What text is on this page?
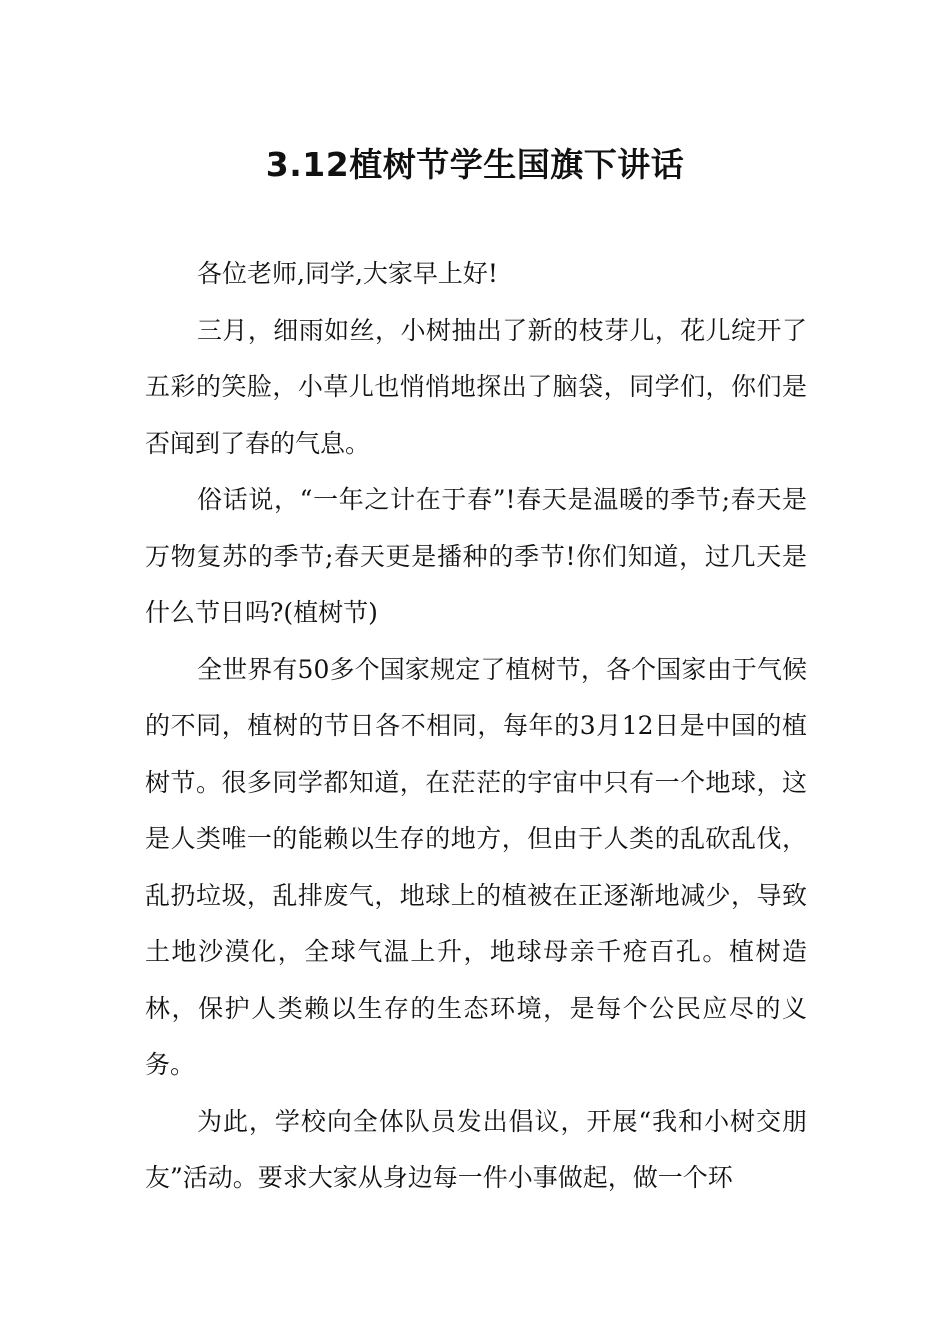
3.12植树节学生国旗下讲话

各位老师,同学,大家早上好!

三月，细雨如丝，小树抽出了新的枝芽儿，花儿绽开了五彩的笑脸，小草儿也悄悄地探出了脑袋，同学们，你们是否闻到了春的气息。

俗话说，“一年之计在于春”!春天是温暖的季节;春天是万物复苏的季节;春天更是播种的季节!你们知道，过几天是什么节日吗?(植树节)

全世界有50多个国家规定了植树节，各个国家由于气候的不同，植树的节日各不相同，每年的3月12日是中国的植树节。很多同学都知道，在茫茫的宇宙中只有一个地球，这是人类唯一的能赖以生存的地方，但由于人类的乱砍乱伐，乱扔垃圾，乱排废气，地球上的植被在正逐渐地减少，导致土地沙漠化，全球气温上升，地球母亲千疮百孔。植树造林，保护人类赖以生存的生态环境，是每个公民应尽的义务。

为此，学校向全体队员发出倡议，开展“我和小树交朋友”活动。要求大家从身边每一件小事做起，做一个环
